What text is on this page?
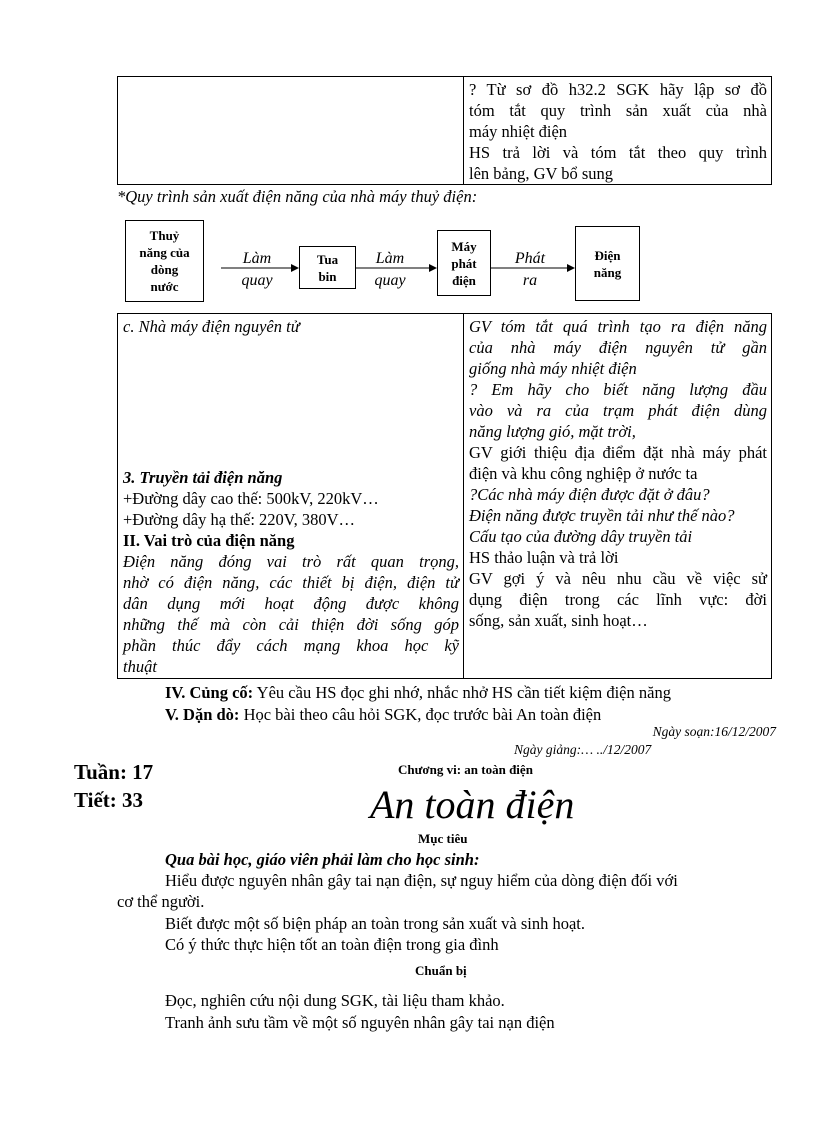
? Từ sơ đồ h32.2 SGK hãy lập sơ đồ
tóm tắt quy trình sản xuất của nhà
máy nhiệt điện
HS trả lời và tóm tắt theo quy trình
lên bảng, GV bổ sung
*Quy trình sản xuất điện năng của nhà máy thuỷ điện:
Thuỷ
năng của
dòng
nước
Làm
quay
Tua
bin
Làm
quay
Máy
phát
điện
Phát
ra
Điện
năng
c. Nhà máy điện nguyên tử
3. Truyền tải điện năng
+Đường dây cao thế: 500kV, 220kV…
+Đường dây hạ thế: 220V, 380V…
II. Vai trò của điện năng
Điện năng đóng vai trò rất quan trọng,
nhờ có điện năng, các thiết bị điện, điện tử
dân dụng mới hoạt động được không
những thế mà còn cải thiện đời sống góp
phần thúc đẩy cách mạng khoa học kỹ
thuật

GV tóm tắt quá trình tạo ra điện năng
của nhà máy điện nguyên tử gần
giống nhà máy nhiệt điện
? Em hãy cho biết năng lượng đầu
vào và ra của trạm phát điện dùng
năng lượng gió, mặt trời,
GV giới thiệu địa điểm đặt nhà máy phát
điện và khu công nghiệp ở nước ta
?Các nhà máy điện được đặt ở đâu?
Điện năng được truyền tải như thế nào?
Cấu tạo của đường dây truyền tải
HS thảo luận và trả lời
GV gợi ý và nêu nhu cầu về việc sử
dụng điện trong các lĩnh vực: đời
sống, sản xuất, sinh hoạt…
IV. Củng cố: Yêu cầu HS đọc ghi nhớ, nhắc nhở HS cần tiết kiệm điện năng
V. Dặn dò: Học bài theo câu hỏi SGK, đọc trước bài An toàn điện
Ngày soạn:16/12/2007
Ngày giảng:… ../12/2007
Tuần: 17
Tiết: 33
Chương vi: an toàn điện
An toàn điện
Mục tiêu
Qua bài học, giáo viên phải làm cho học sinh:
Hiểu được nguyên nhân gây tai nạn điện, sự nguy hiểm của dòng điện đối với
cơ thể người.
Biết được một số biện pháp an toàn trong sản xuất và sinh hoạt.
Có ý thức thực hiện tốt an toàn điện trong gia đình
Chuẩn bị
Đọc, nghiên cứu nội dung SGK, tài liệu tham khảo.
Tranh ảnh sưu tầm về một số nguyên nhân gây tai nạn điện
